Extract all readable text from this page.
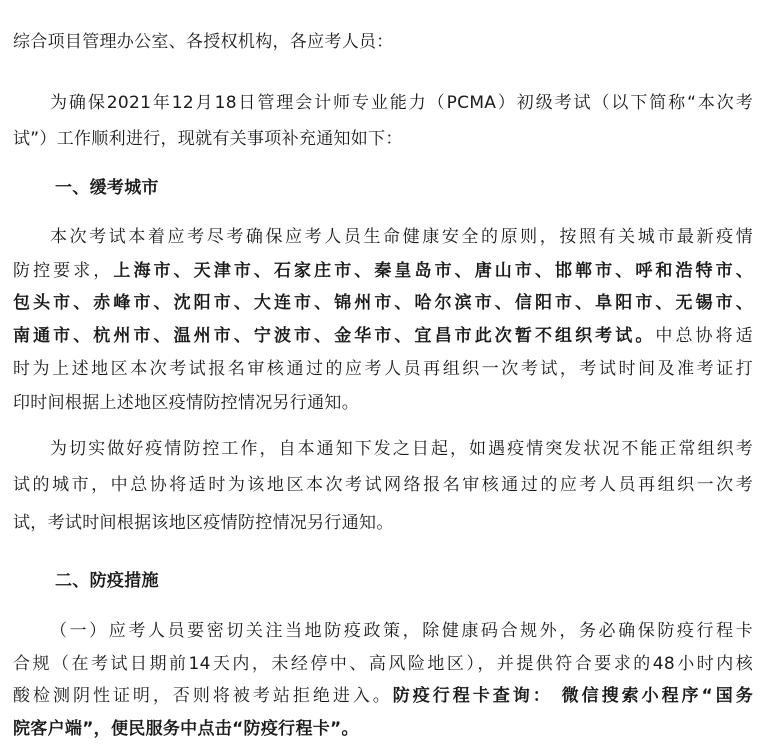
综合项目管理办公室、各授权机构，各应考人员：
为确保2021年12月18日管理会计师专业能力（PCMA）初级考试（以下简称“本次考
试”）工作顺利进行，现就有关事项补充通知如下：
一、缓考城市
本次考试本着应考尽考确保应考人员生命健康安全的原则，按照有关城市最新疫情
防控要求，上海市、天津市、石家庄市、秦皇岛市、唐山市、邯郸市、呼和浩特市、
包头市、赤峰市、沈阳市、大连市、锦州市、哈尔滨市、信阳市、阜阳市、无锡市、
南通市、杭州市、温州市、宁波市、金华市、宜昌市此次暂不组织考试。中总协将适
时为上述地区本次考试报名审核通过的应考人员再组织一次考试，考试时间及准考证打
印时间根据上述地区疫情防控情况另行通知。
为切实做好疫情防控工作，自本通知下发之日起，如遇疫情突发状况不能正常组织考
试的城市，中总协将适时为该地区本次考试网络报名审核通过的应考人员再组织一次考
试，考试时间根据该地区疫情防控情况另行通知。
二、防疫措施
（一）应考人员要密切关注当地防疫政策，除健康码合规外，务必确保防疫行程卡
合规（在考试日期前14天内，未经停中、高风险地区），并提供符合要求的48小时内核
酸检测阴性证明，否则将被考站拒绝进入。防疫行程卡查询： 微信搜索小程序“国务
院客户端”，便民服务中点击“防疫行程卡”。
